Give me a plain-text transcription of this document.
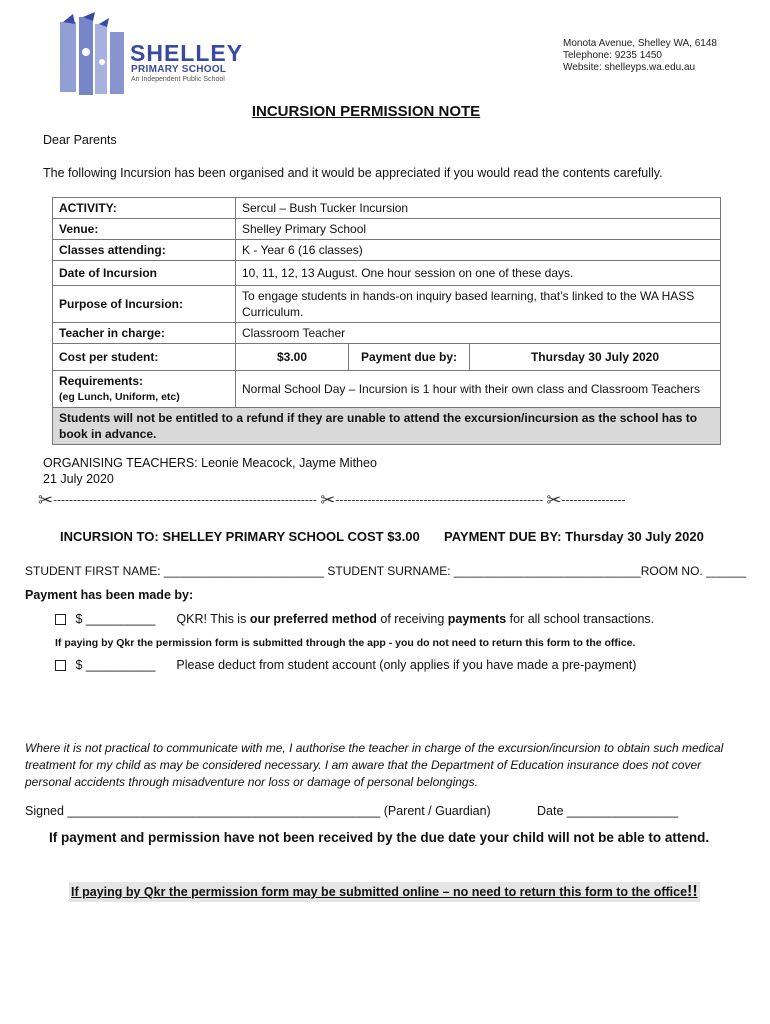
SHELLEY
PRIMARY SCHOOL
An Independent Public School
Monota Avenue, Shelley WA, 6148
Telephone: 9235 1450
Website: shelleyps.wa.edu.au
INCURSION PERMISSION NOTE
Dear Parents
The following Incursion has been organised and it would be appreciated if you would read the contents carefully.
ACTIVITY:	Sercul – Bush Tucker Incursion		
Venue:	Shelley Primary School		
Classes attending:	K - Year 6 (16 classes)		
Date of Incursion	10, 11, 12, 13 August. One hour session on one of these days.		
Purpose of Incursion:	To engage students in hands-on inquiry based learning, that’s linked to the WA HASS Curriculum.		
Teacher in charge:	Classroom Teacher		
Cost per student:	$3.00	Payment due by:	Thursday 30 July 2020

Requirements:
(eg Lunch, Uniform, etc)	Normal School Day – Incursion is 1 hour with their own class and Classroom Teachers		
Students will not be entitled to a refund if they are unable to attend the excursion/incursion as the school has to book in advance.			
ORGANISING TEACHERS: Leonie Meacock, Jayme Mitheo
21 July 2020
✂------------------------------------------------------------------ ✂---------------------------------------------------- ✂----------------
INCURSION TO: SHELLEY PRIMARY SCHOOL COST $3.00 PAYMENT DUE BY: Thursday 30 July 2020
STUDENT FIRST NAME: ________________________ STUDENT SURNAME: ____________________________ROOM NO. ______
Payment has been made by:
$ __________ QKR! This is our preferred method of receiving payments for all school transactions.
If paying by Qkr the permission form is submitted through the app - you do not need to return this form to the office.
$ __________ Please deduct from student account (only applies if you have made a pre-payment)
Where it is not practical to communicate with me, I authorise the teacher in charge of the excursion/incursion to obtain such medical treatment for my child as may be considered necessary. I am aware that the Department of Education insurance does not cover personal accidents through misadventure nor loss or damage of personal belongings.
Signed _____________________________________________ (Parent / Guardian)	Date ________________
If payment and permission have not been received by the due date your child will not be able to attend.
If paying by Qkr the permission form may be submitted online – no need to return this form to the office!!
